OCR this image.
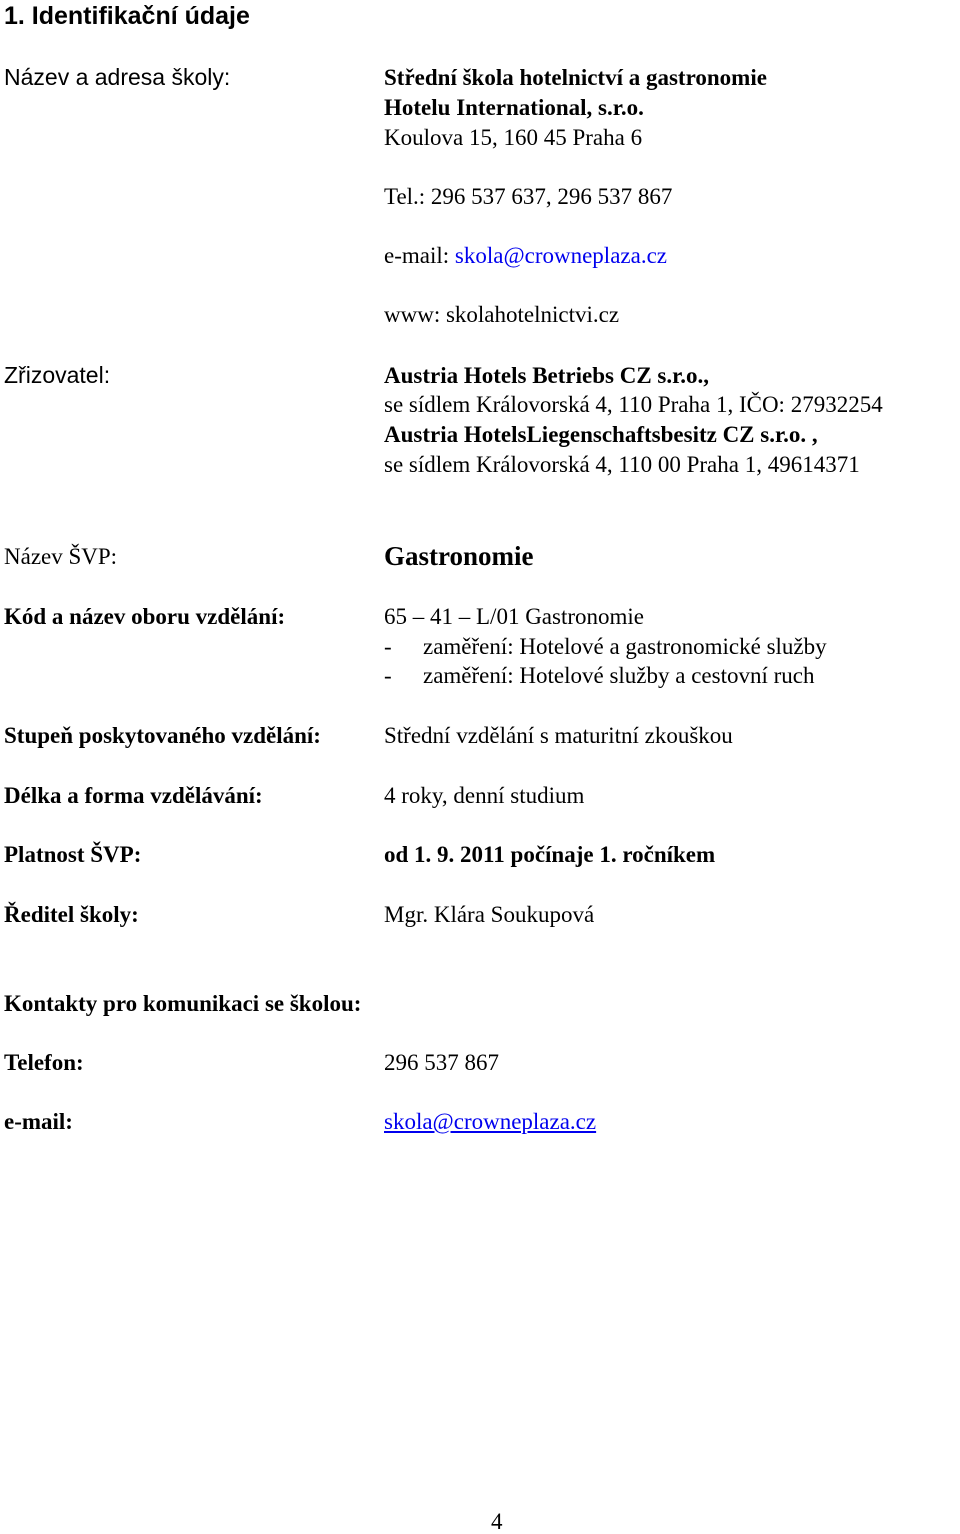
1. Identifikační údaje
Název a adresa školy:	Střední škola hotelnictví a gastronomie
Hotelu International, s.r.o.
Koulova 15, 160 45 Praha 6
Tel.: 296 537 637, 296 537 867
e-mail: skola@crowneplaza.cz
www: skolahotelnictvi.cz
Zřizovatel:	Austria Hotels Betriebs CZ s.r.o.,
se sídlem Královorská 4, 110 Praha 1, IČO: 27932254
Austria HotelsLiegenschaftsbesitz CZ s.r.o. ,
se sídlem Královorská 4, 110 00 Praha 1, 49614371
Název ŠVP:	Gastronomie
Kód a název oboru vzdělání:	65 – 41 – L/01 Gastronomie
- zaměření: Hotelové a gastronomické služby
- zaměření: Hotelové služby a cestovní ruch
Stupeň poskytovaného vzdělání:	Střední vzdělání s maturitní zkouškou
Délka a forma vzdělávání:	4 roky, denní studium
Platnost ŠVP:	od 1. 9. 2011 počínaje 1. ročníkem
Ředitel školy:	Mgr. Klára Soukupová
Kontakty pro komunikaci se školou:
Telefon:	296 537 867
e-mail:	skola@crowneplaza.cz
4
